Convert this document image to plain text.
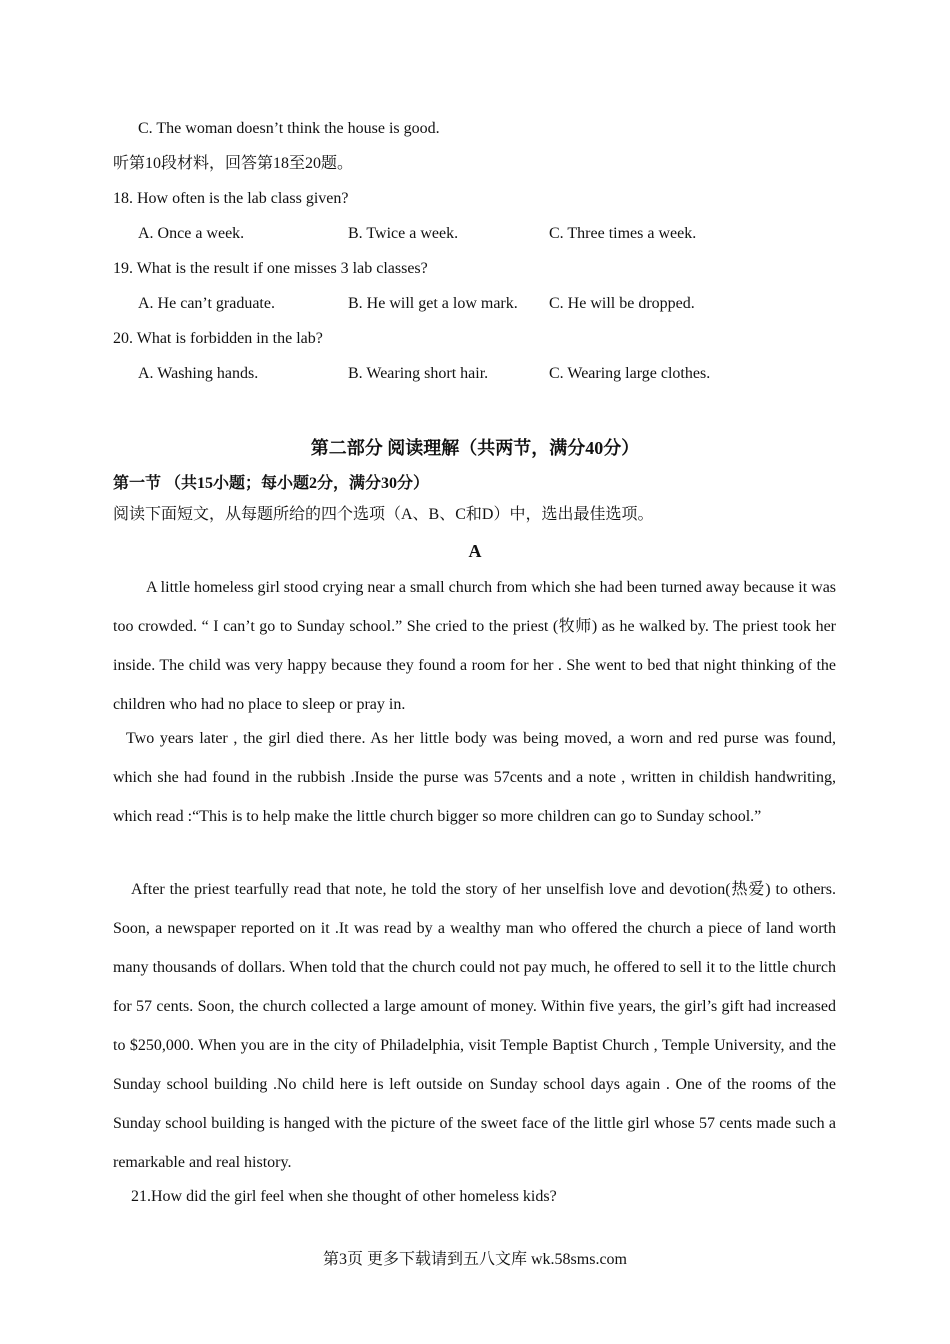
C. The woman doesn’t think the house is good.
听第10段材料，回答第18至20题。
18. How often is the lab class given?
A. Once a week.	B. Twice a week.	C. Three times a week.
19. What is the result if one misses 3 lab classes?
A. He can’t graduate.	B. He will get a low mark. C. He will be dropped.
20. What is forbidden in the lab?
A. Washing hands.	B. Wearing short hair.	C. Wearing large clothes.
第二部分 阅读理解（共两节，满分40分）
第一节 （共15小题；每小题2分，满分30分）
阅读下面短文，从每题所给的四个选项（A、B、C和D）中，选出最佳选项。
A
A little homeless girl stood crying near a small church from which she had been turned away because it was too crowded. “ I can’t go to Sunday school.” She cried to the priest (牧师) as he walked by. The priest took her inside. The child was very happy because they found a room for her . She went to bed that night thinking of the children who had no place to sleep or pray in.
Two years later , the girl died there. As her little body was being moved, a worn and red purse was found, which she had found in the rubbish .Inside the purse was 57cents and a note , written in childish handwriting, which read :“This is to help make the little church bigger so more children can go to Sunday school.”
After the priest tearfully read that note, he told the story of her unselfish love and devotion(热爱) to others. Soon, a newspaper reported on it .It was read by a wealthy man who offered the church a piece of land worth many thousands of dollars. When told that the church could not pay much, he offered to sell it to the little church for 57 cents. Soon, the church collected a large amount of money. Within five years, the girl’s gift had increased to $250,000. When you are in the city of Philadelphia, visit Temple Baptist Church , Temple University, and the Sunday school building .No child here is left outside on Sunday school days again . One of the rooms of the Sunday school building is hanged with the picture of the sweet face of the little girl whose 57 cents made such a remarkable and real history.
21.How did the girl feel when she thought of other homeless kids?
第3页 更多下载请到五八文库 wk.58sms.com
